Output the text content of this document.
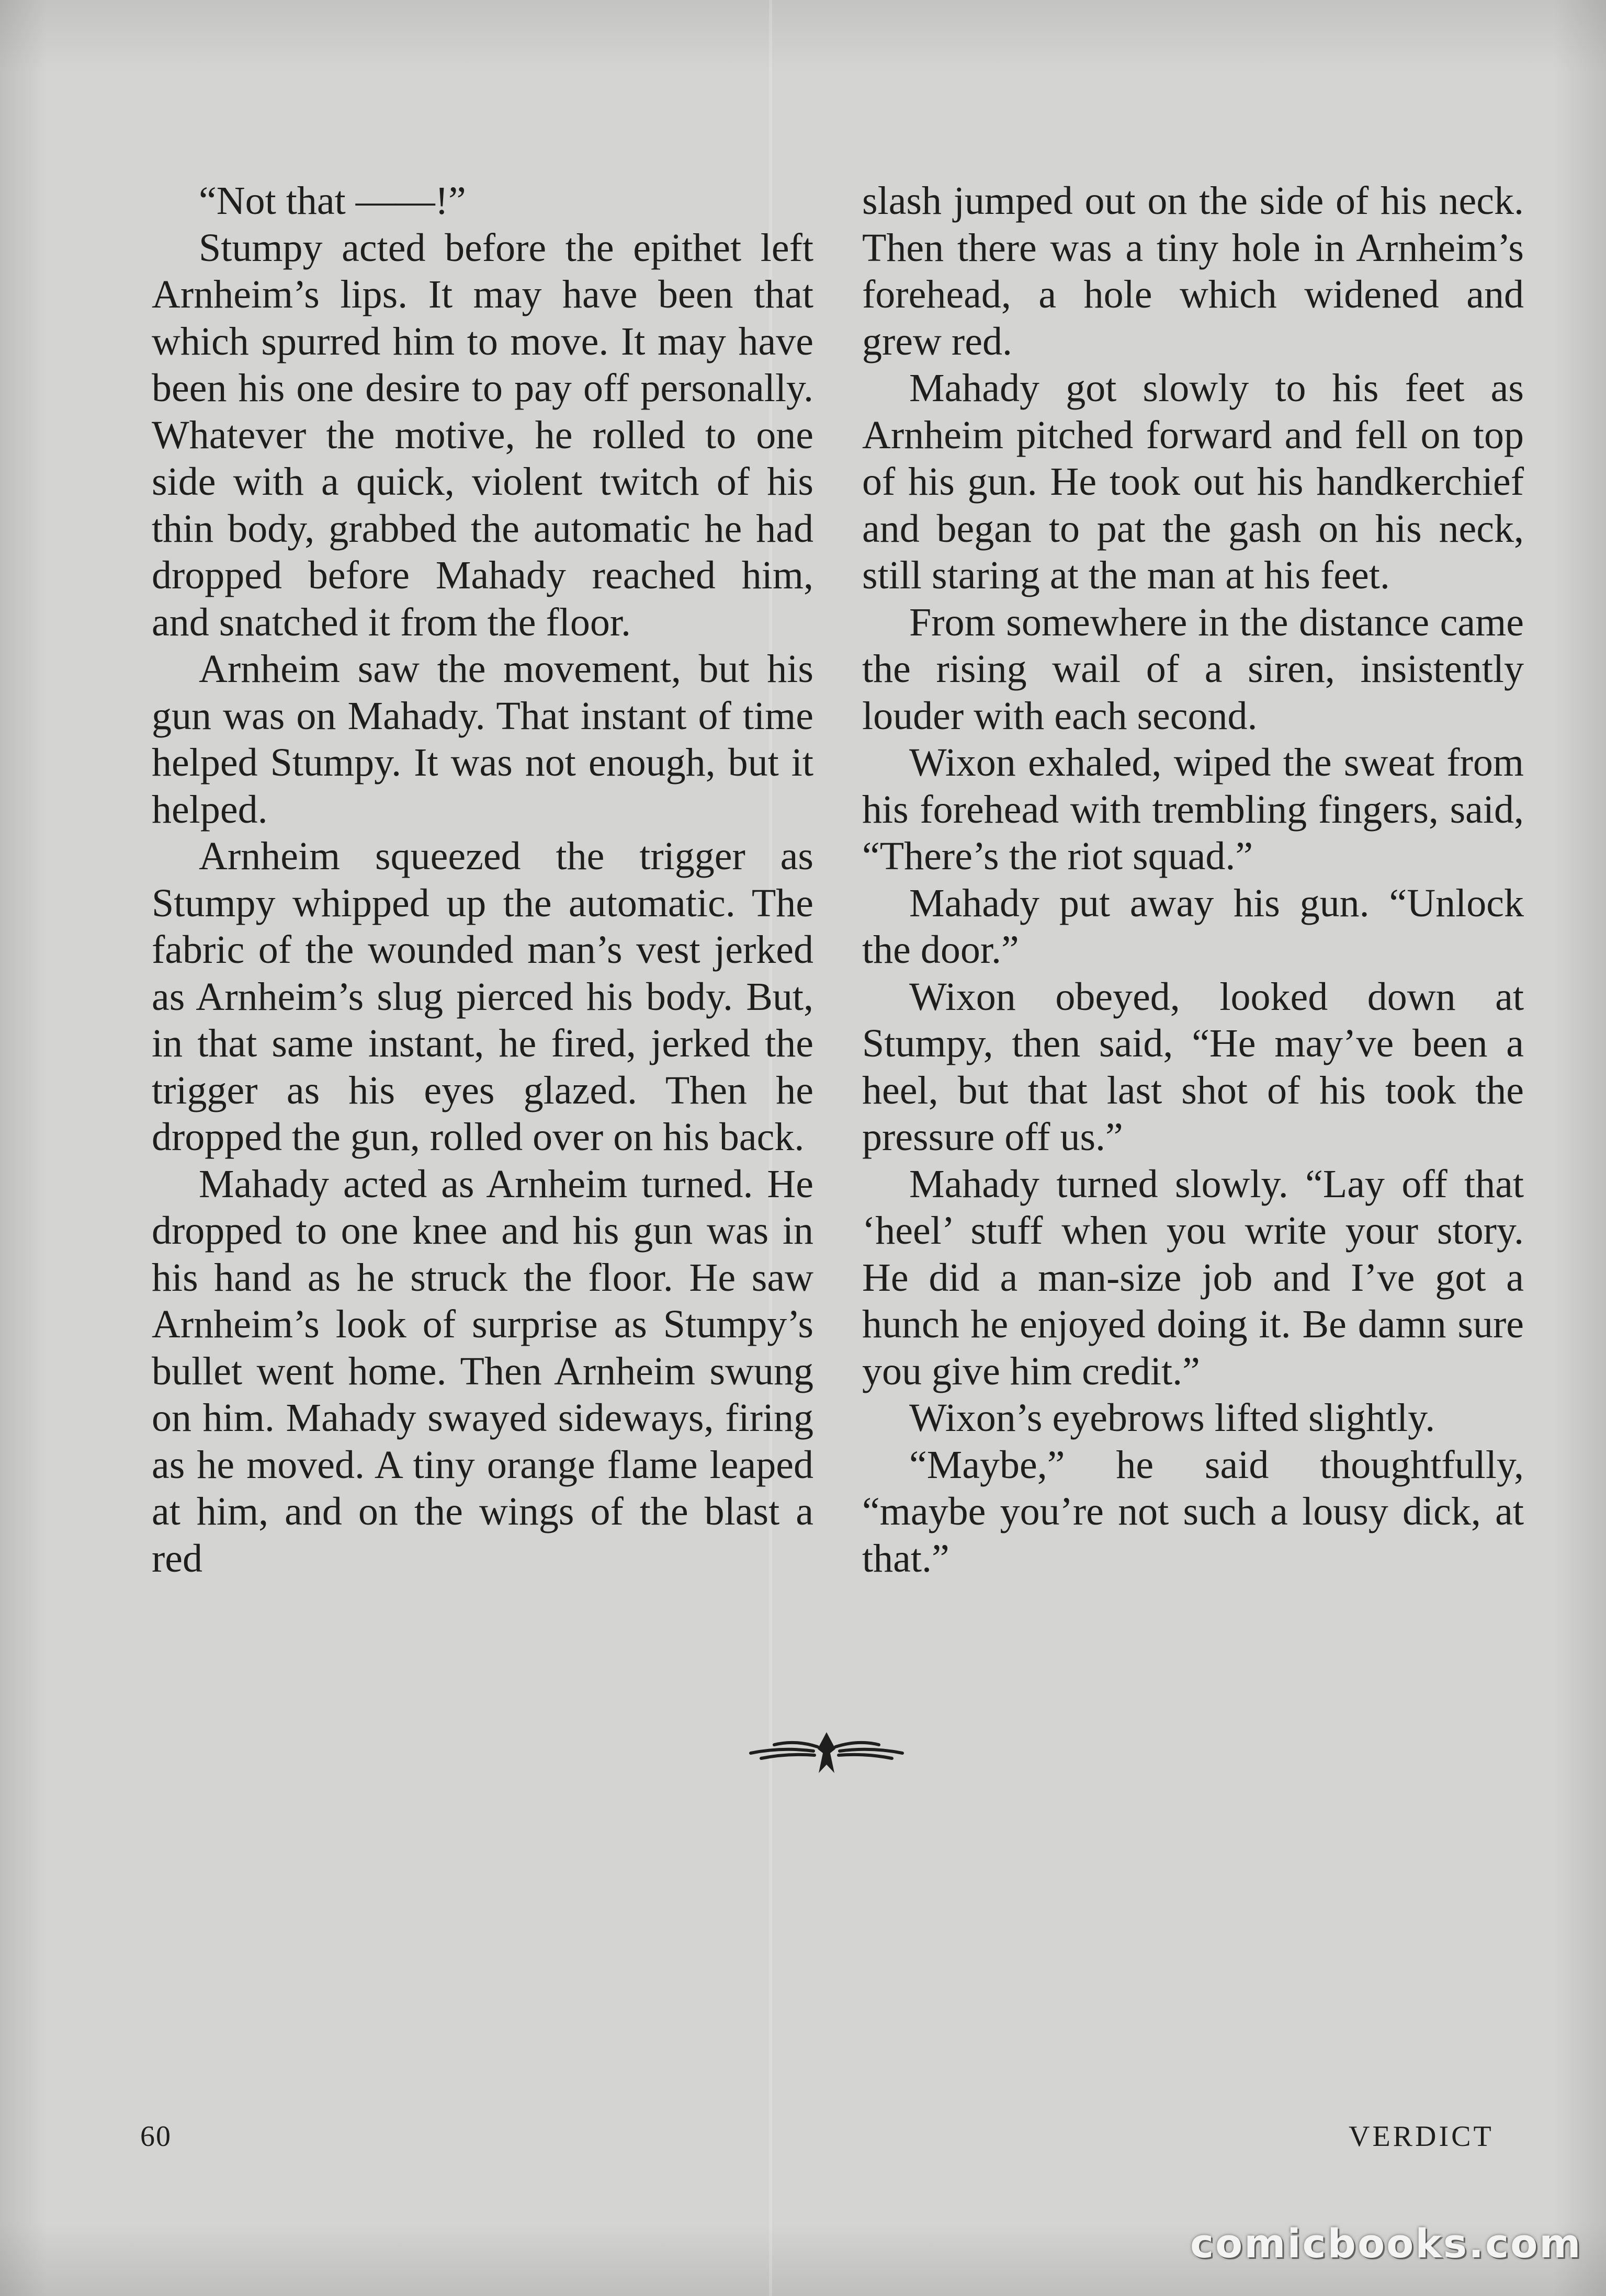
“Not that ——!”

Stumpy acted before the epithet left Arnheim’s lips. It may have been that which spurred him to move. It may have been his one desire to pay off personally. Whatever the motive, he rolled to one side with a quick, violent twitch of his thin body, grabbed the automatic he had dropped before Mahady reached him, and snatched it from the floor.

Arnheim saw the movement, but his gun was on Mahady. That instant of time helped Stumpy. It was not enough, but it helped.

Arnheim squeezed the trigger as Stumpy whipped up the automatic. The fabric of the wounded man’s vest jerked as Arnheim’s slug pierced his body. But, in that same instant, he fired, jerked the trigger as his eyes glazed. Then he dropped the gun, rolled over on his back.

Mahady acted as Arnheim turned. He dropped to one knee and his gun was in his hand as he struck the floor. He saw Arnheim’s look of surprise as Stumpy’s bullet went home. Then Arnheim swung on him. Mahady swayed sideways, firing as he moved. A tiny orange flame leaped at him, and on the wings of the blast a red

slash jumped out on the side of his neck. Then there was a tiny hole in Arnheim’s forehead, a hole which widened and grew red.

Mahady got slowly to his feet as Arnheim pitched forward and fell on top of his gun. He took out his handkerchief and began to pat the gash on his neck, still staring at the man at his feet.

From somewhere in the distance came the rising wail of a siren, insistently louder with each second.

Wixon exhaled, wiped the sweat from his forehead with trembling fingers, said, “There’s the riot squad.”

Mahady put away his gun. “Unlock the door.”

Wixon obeyed, looked down at Stumpy, then said, “He may’ve been a heel, but that last shot of his took the pressure off us.”

Mahady turned slowly. “Lay off that ‘heel’ stuff when you write your story. He did a man-size job and I’ve got a hunch he enjoyed doing it. Be damn sure you give him credit.”

Wixon’s eyebrows lifted slightly.

“Maybe,” he said thoughtfully, “maybe you’re not such a lousy dick, at that.”

60	VERDICT
comicbooks.com
